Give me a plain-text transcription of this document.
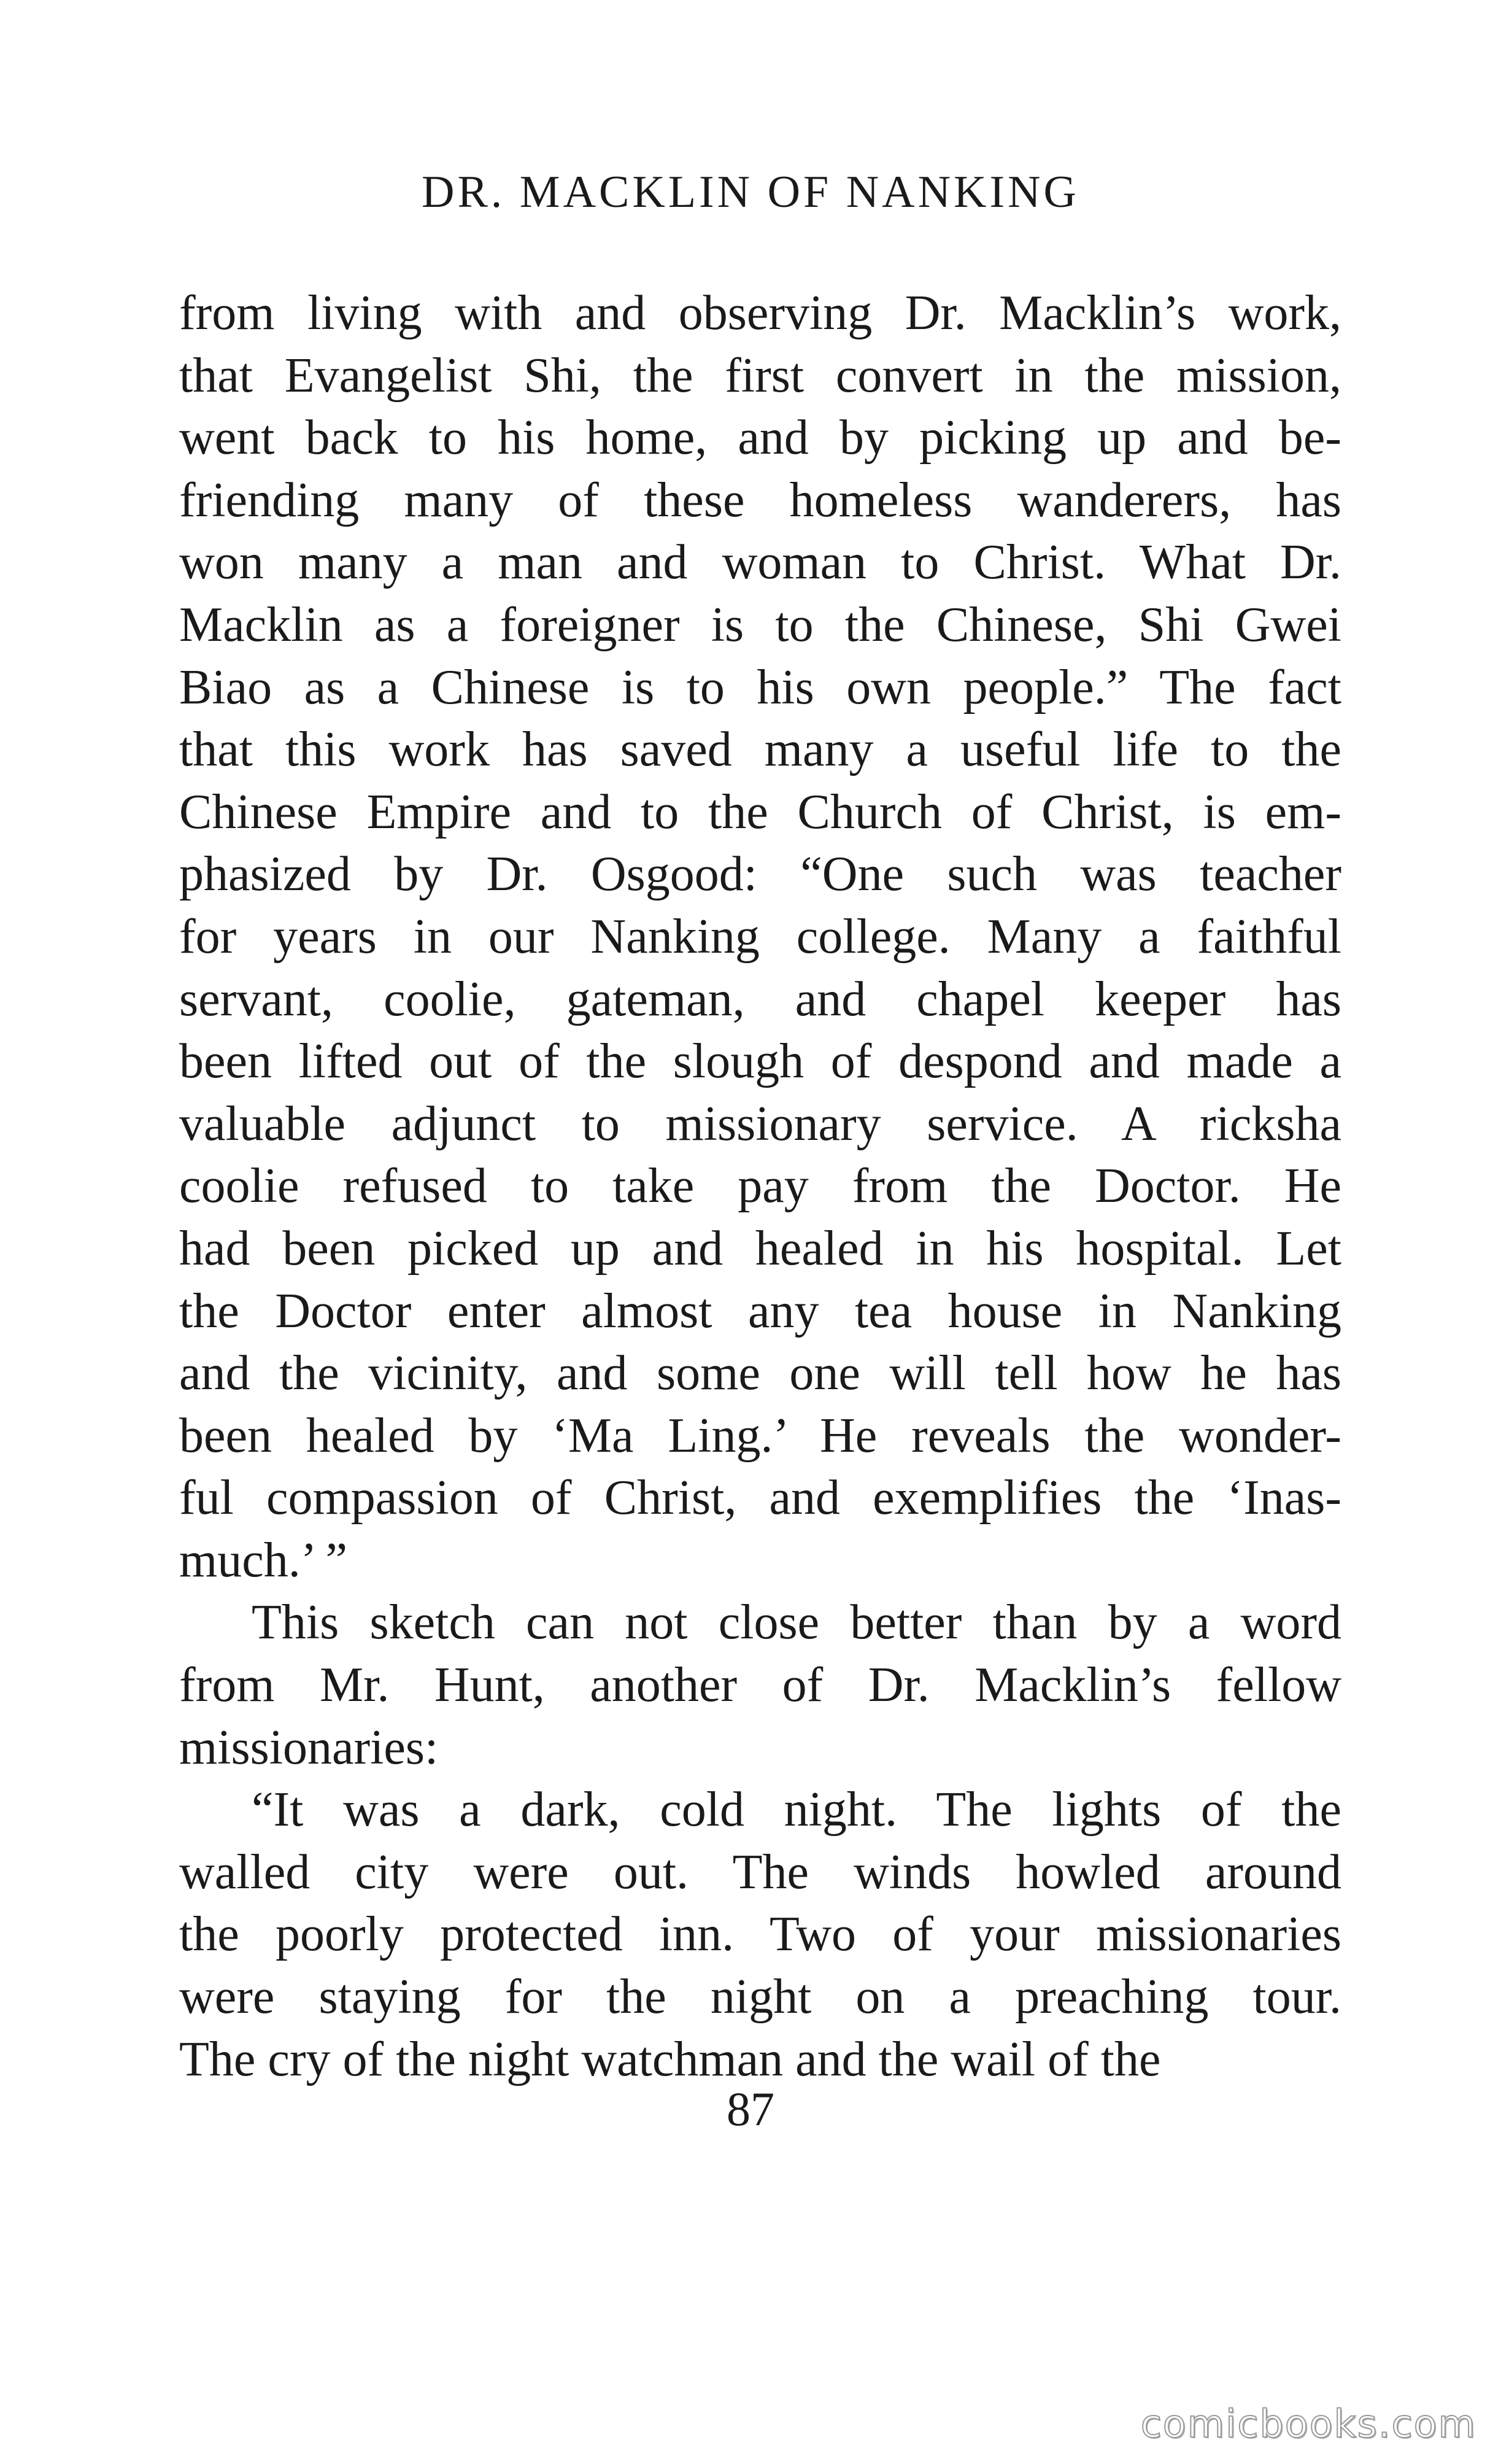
DR. MACKLIN OF NANKING
from living with and observing Dr. Macklin’s work,
that Evangelist Shi, the first convert in the mission,
went back to his home, and by picking up and be-
friending many of these homeless wanderers, has
won many a man and woman to Christ. What Dr.
Macklin as a foreigner is to the Chinese, Shi Gwei
Biao as a Chinese is to his own people.” The fact
that this work has saved many a useful life to the
Chinese Empire and to the Church of Christ, is em-
phasized by Dr. Osgood: “One such was teacher
for years in our Nanking college. Many a faithful
servant, coolie, gateman, and chapel keeper has
been lifted out of the slough of despond and made a
valuable adjunct to missionary service. A ricksha
coolie refused to take pay from the Doctor. He
had been picked up and healed in his hospital. Let
the Doctor enter almost any tea house in Nanking
and the vicinity, and some one will tell how he has
been healed by ‘Ma Ling.’ He reveals the wonder-
ful compassion of Christ, and exemplifies the ‘Inas-
much.’ ”
This sketch can not close better than by a word
from Mr. Hunt, another of Dr. Macklin’s fellow
missionaries:
“It was a dark, cold night. The lights of the
walled city were out. The winds howled around
the poorly protected inn. Two of your missionaries
were staying for the night on a preaching tour.
The cry of the night watchman and the wail of the
87
comicbooks.com
